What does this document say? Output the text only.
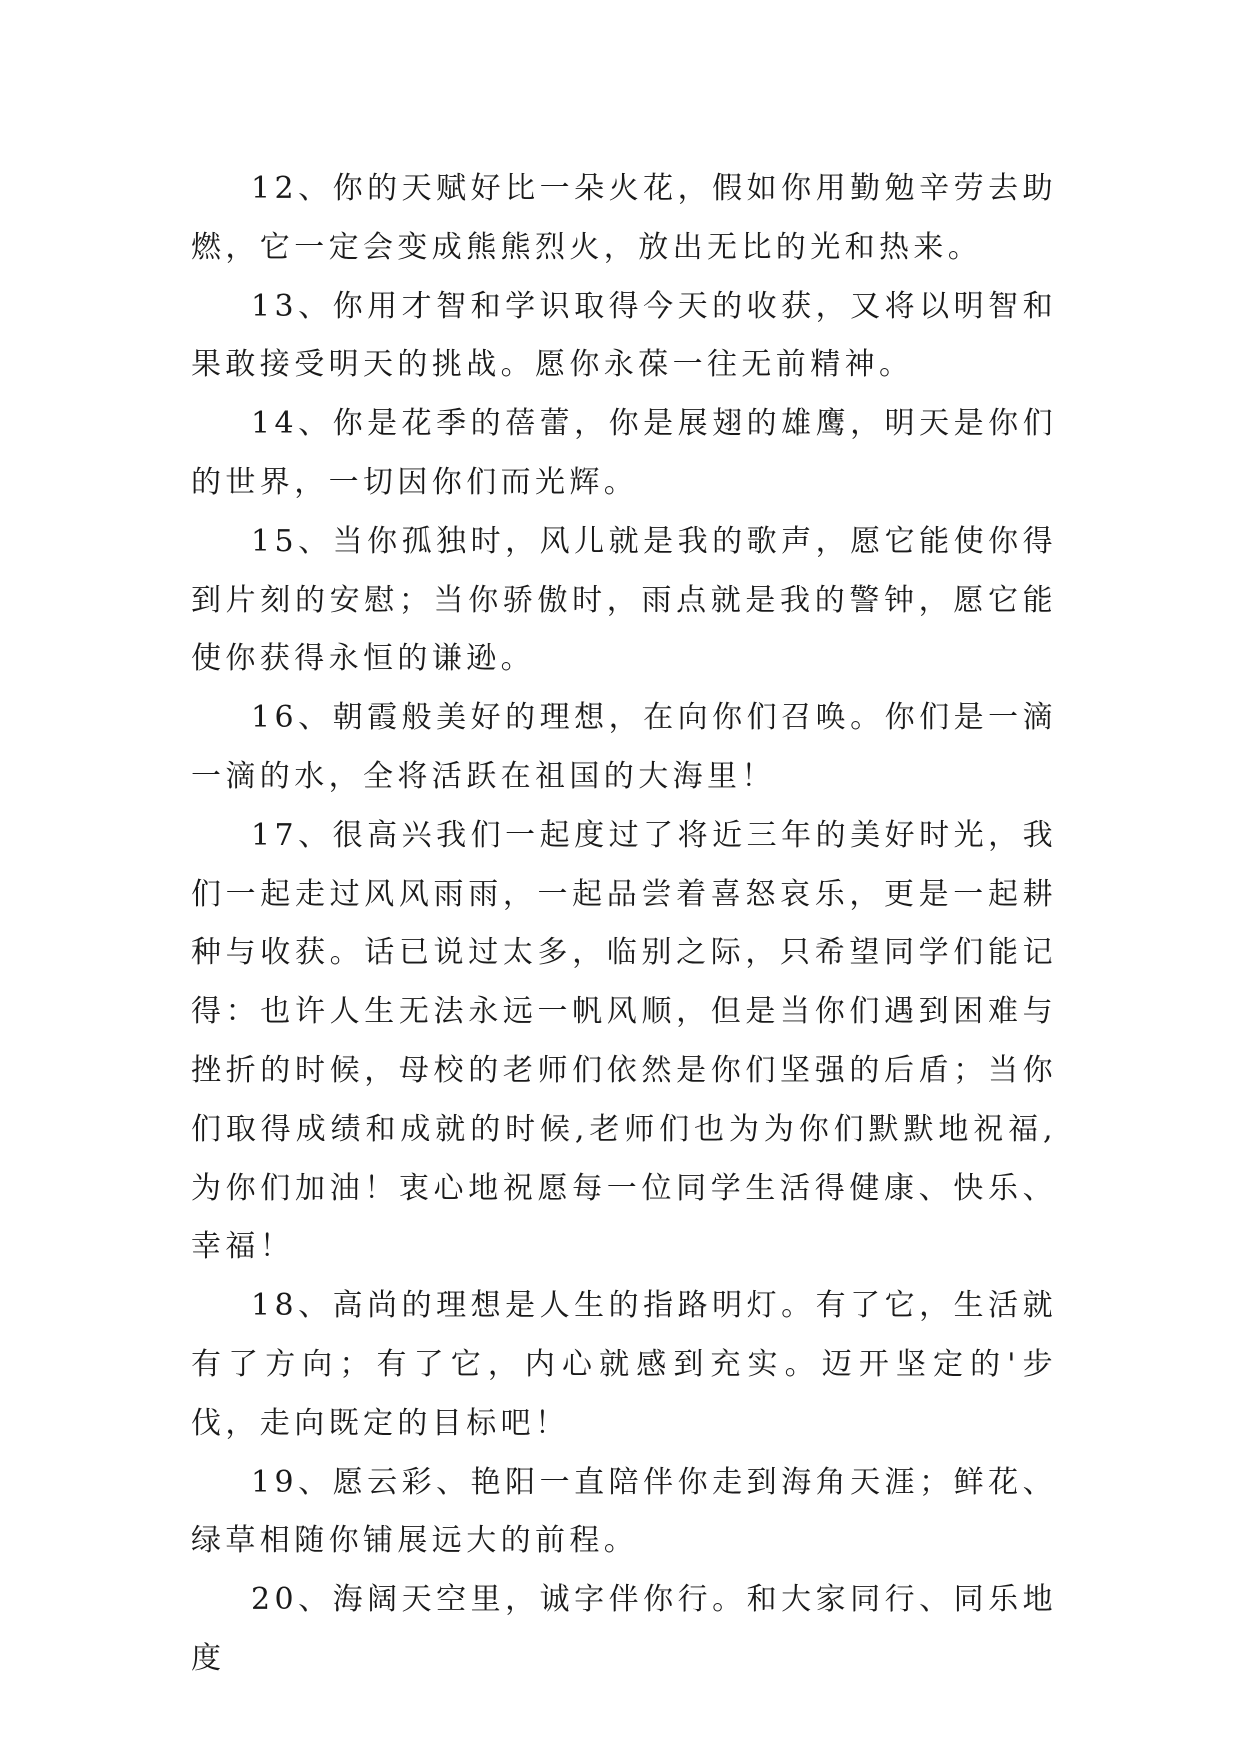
12、你的天赋好比一朵火花，假如你用勤勉辛劳去助燃，它一定会变成熊熊烈火，放出无比的光和热来。

13、你用才智和学识取得今天的收获，又将以明智和果敢接受明天的挑战。愿你永葆一往无前精神。

14、你是花季的蓓蕾，你是展翅的雄鹰，明天是你们的世界，一切因你们而光辉。

15、当你孤独时，风儿就是我的歌声，愿它能使你得到片刻的安慰；当你骄傲时，雨点就是我的警钟，愿它能使你获得永恒的谦逊。

16、朝霞般美好的理想，在向你们召唤。你们是一滴一滴的水，全将活跃在祖国的大海里！

17、很高兴我们一起度过了将近三年的美好时光，我们一起走过风风雨雨，一起品尝着喜怒哀乐，更是一起耕种与收获。话已说过太多，临别之际，只希望同学们能记得：也许人生无法永远一帆风顺，但是当你们遇到困难与挫折的时候，母校的老师们依然是你们坚强的后盾；当你们取得成绩和成就的时候,老师们也为为你们默默地祝福,为你们加油！衷心地祝愿每一位同学生活得健康、快乐、幸福！

18、高尚的理想是人生的指路明灯。有了它，生活就有了方向；有了它，内心就感到充实。迈开坚定的'步伐，走向既定的目标吧！

19、愿云彩、艳阳一直陪伴你走到海角天涯；鲜花、绿草相随你铺展远大的前程。

20、海阔天空里，诚字伴你行。和大家同行、同乐地度
